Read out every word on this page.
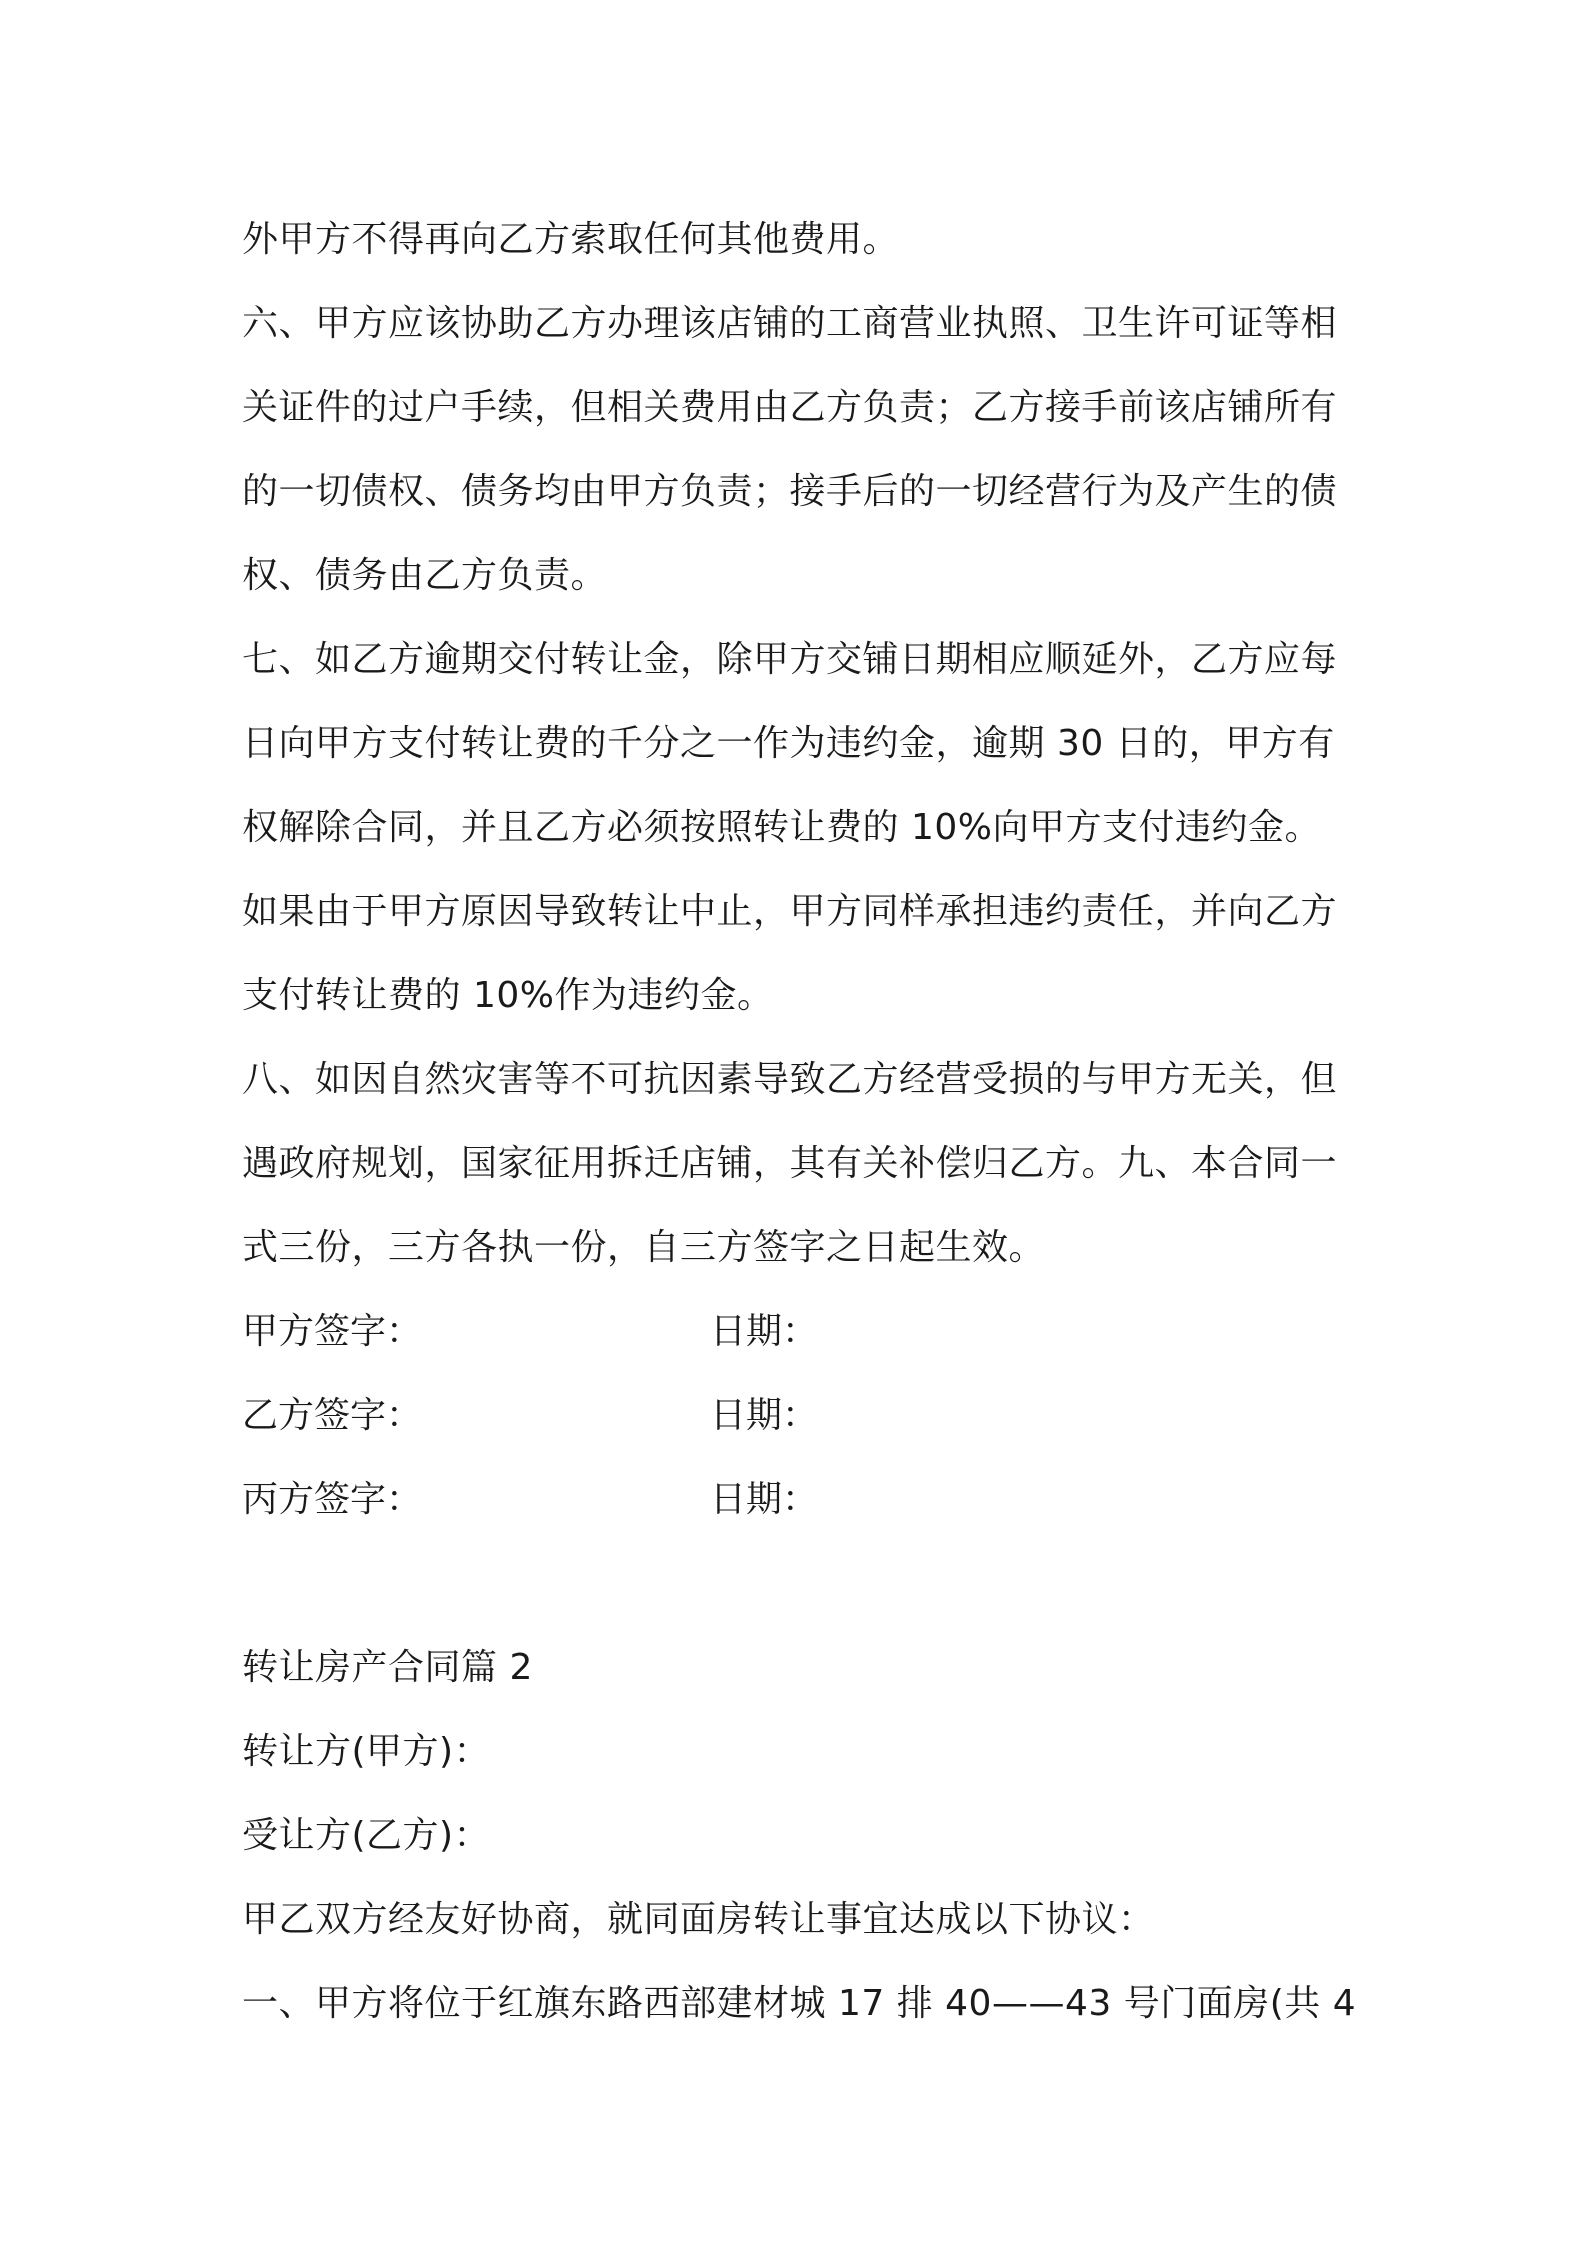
外甲方不得再向乙方索取任何其他费用。
六、甲方应该协助乙方办理该店铺的工商营业执照、卫生许可证等相
关证件的过户手续，但相关费用由乙方负责；乙方接手前该店铺所有
的一切债权、债务均由甲方负责；接手后的一切经营行为及产生的债
权、债务由乙方负责。
七、如乙方逾期交付转让金，除甲方交铺日期相应顺延外，乙方应每
日向甲方支付转让费的千分之一作为违约金，逾期 30 日的，甲方有
权解除合同，并且乙方必须按照转让费的 10%向甲方支付违约金。
如果由于甲方原因导致转让中止，甲方同样承担违约责任，并向乙方
支付转让费的 10%作为违约金。
八、如因自然灾害等不可抗因素导致乙方经营受损的与甲方无关，但
遇政府规划，国家征用拆迁店铺，其有关补偿归乙方。九、本合同一
式三份，三方各执一份，自三方签字之日起生效。
甲方签字：	日期：
乙方签字：	日期：
丙方签字：	日期：
转让房产合同篇 2
转让方(甲方)：
受让方(乙方)：
甲乙双方经友好协商，就同面房转让事宜达成以下协议：
一、甲方将位于红旗东路西部建材城 17 排 40——43 号门面房(共 4
